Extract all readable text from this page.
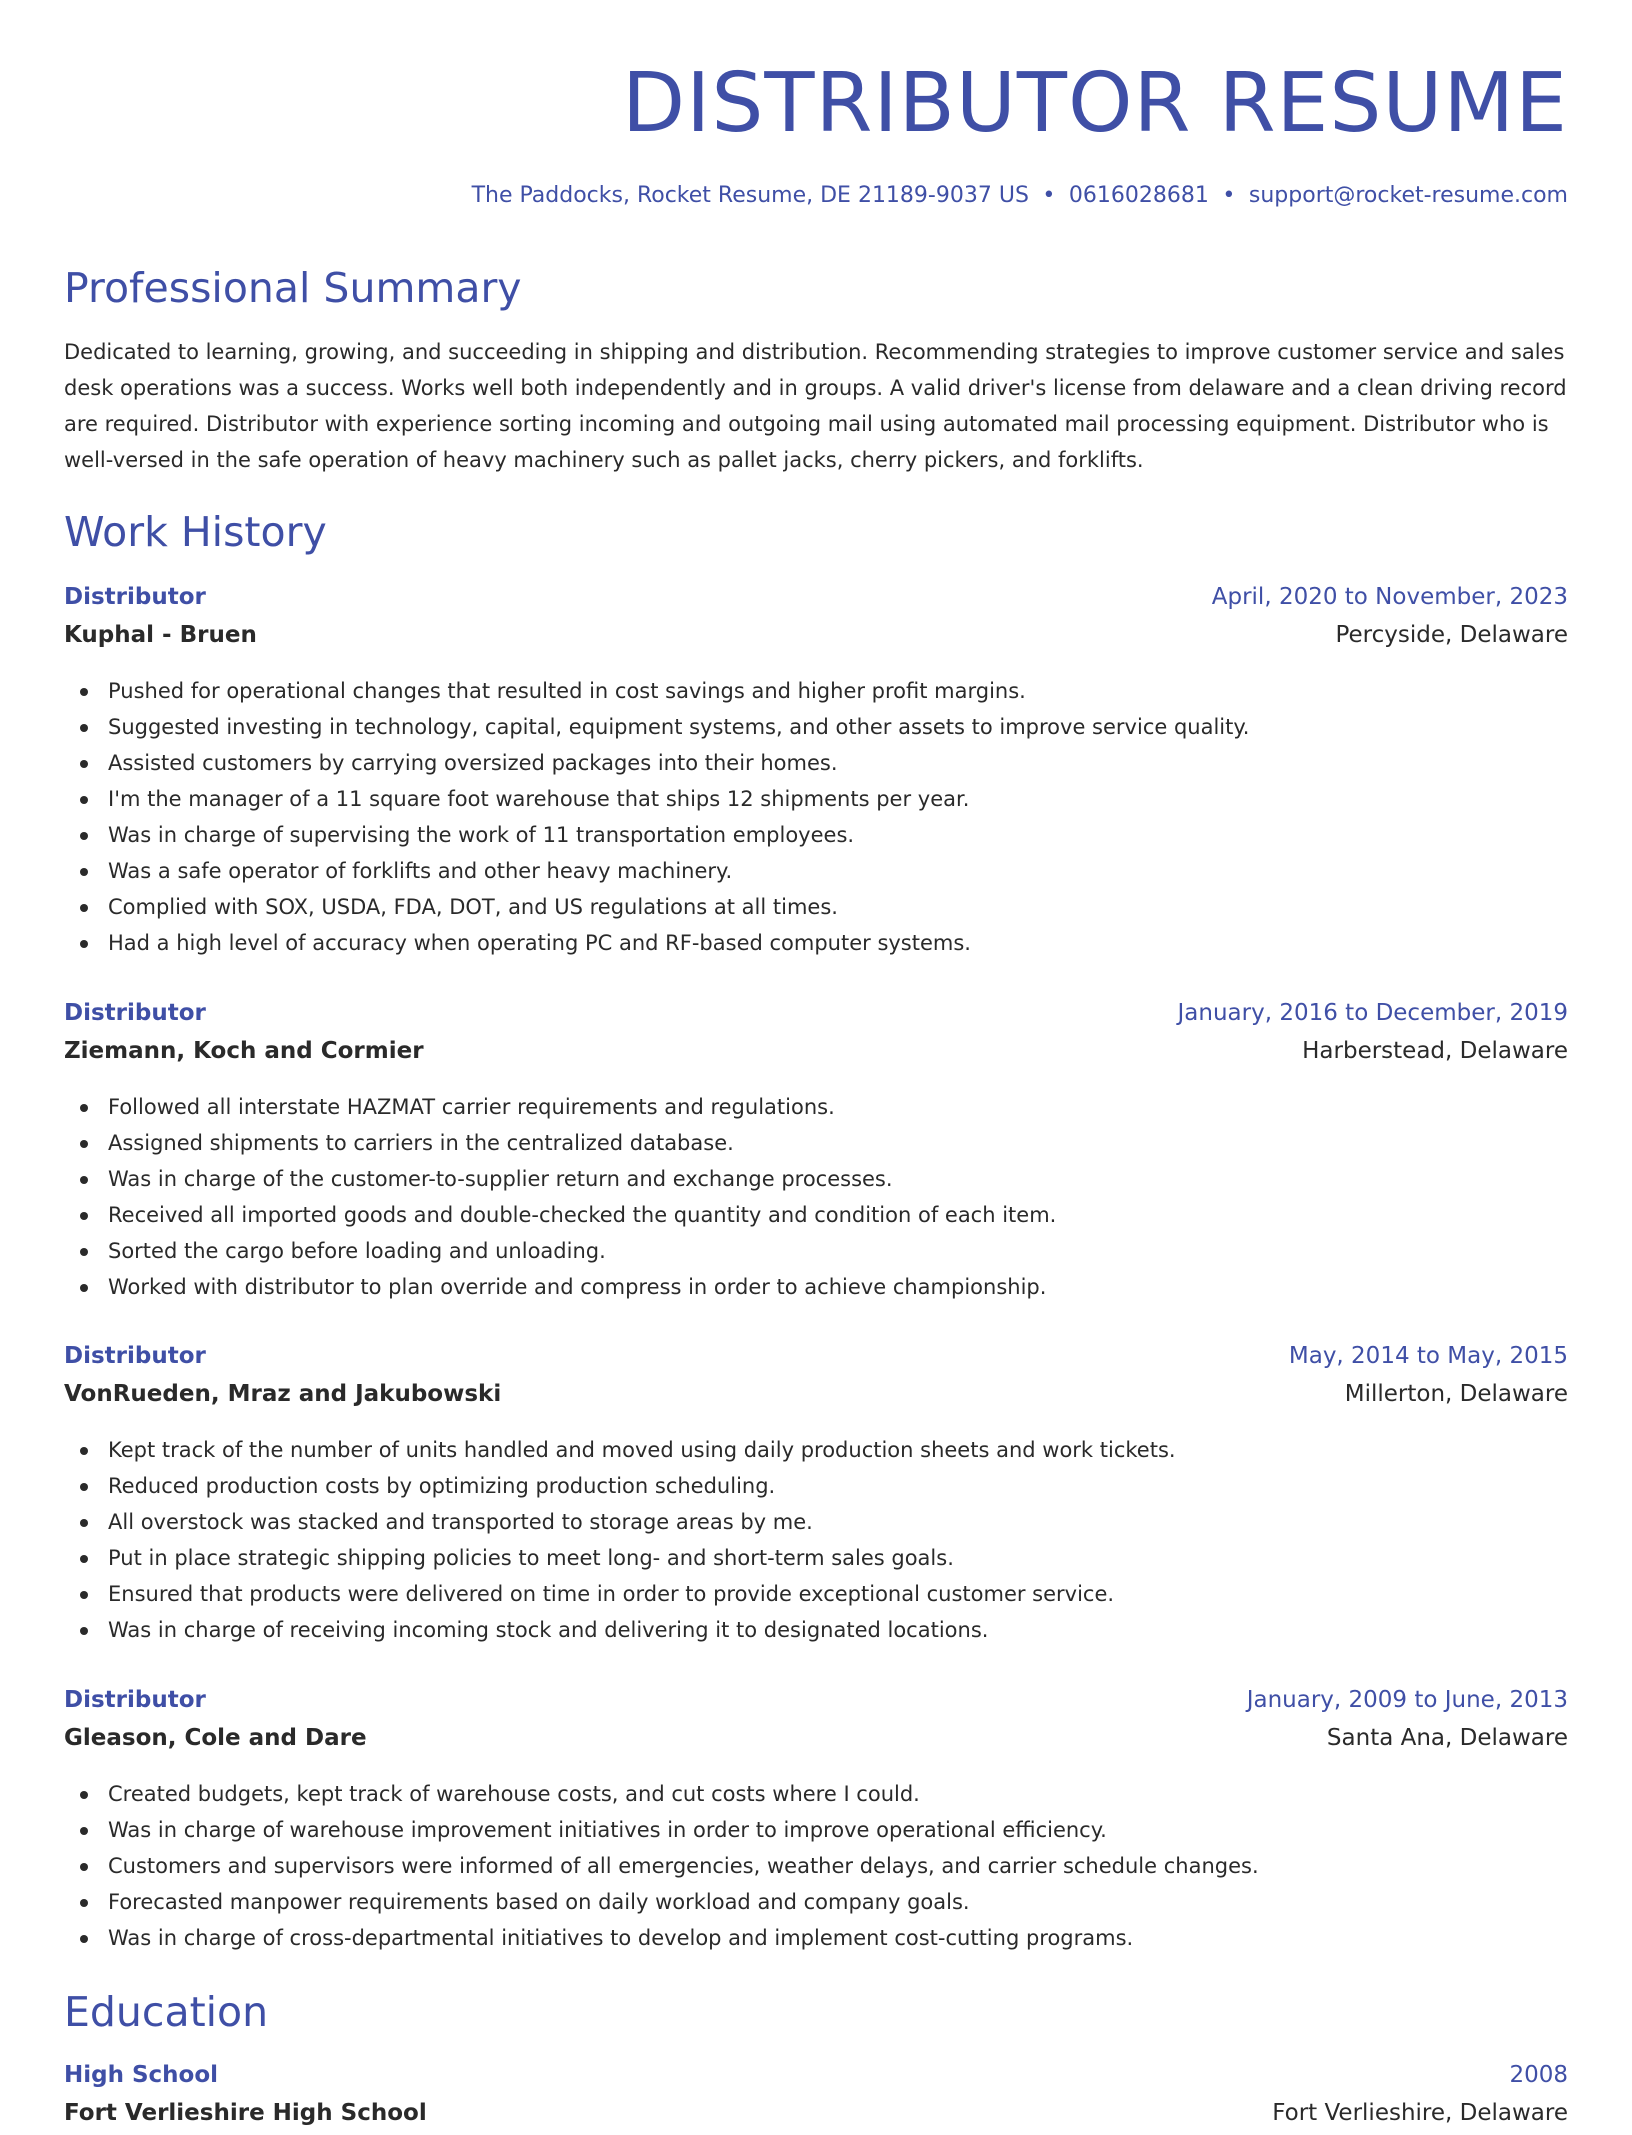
DISTRIBUTOR RESUME
The Paddocks, Rocket Resume, DE 21189-9037 US • 0616028681 • support@rocket-resume.com
Professional Summary

Dedicated to learning, growing, and succeeding in shipping and distribution. Recommending strategies to improve customer service and sales desk operations was a success. Works well both independently and in groups. A valid driver's license from delaware and a clean driving record are required. Distributor with experience sorting incoming and outgoing mail using automated mail processing equipment. Distributor who is well-versed in the safe operation of heavy machinery such as pallet jacks, cherry pickers, and forklifts.

Work History
Distributor	April, 2020 to November, 2023
Kuphal - Bruen	Percyside, Delaware
Pushed for operational changes that resulted in cost savings and higher profit margins.
Suggested investing in technology, capital, equipment systems, and other assets to improve service quality.
Assisted customers by carrying oversized packages into their homes.
I'm the manager of a 11 square foot warehouse that ships 12 shipments per year.
Was in charge of supervising the work of 11 transportation employees.
Was a safe operator of forklifts and other heavy machinery.
Complied with SOX, USDA, FDA, DOT, and US regulations at all times.
Had a high level of accuracy when operating PC and RF-based computer systems.
Distributor	January, 2016 to December, 2019
Ziemann, Koch and Cormier	Harberstead, Delaware
Followed all interstate HAZMAT carrier requirements and regulations.
Assigned shipments to carriers in the centralized database.
Was in charge of the customer-to-supplier return and exchange processes.
Received all imported goods and double-checked the quantity and condition of each item.
Sorted the cargo before loading and unloading.
Worked with distributor to plan override and compress in order to achieve championship.
Distributor	May, 2014 to May, 2015
VonRueden, Mraz and Jakubowski	Millerton, Delaware
Kept track of the number of units handled and moved using daily production sheets and work tickets.
Reduced production costs by optimizing production scheduling.
All overstock was stacked and transported to storage areas by me.
Put in place strategic shipping policies to meet long- and short-term sales goals.
Ensured that products were delivered on time in order to provide exceptional customer service.
Was in charge of receiving incoming stock and delivering it to designated locations.
Distributor	January, 2009 to June, 2013
Gleason, Cole and Dare	Santa Ana, Delaware
Created budgets, kept track of warehouse costs, and cut costs where I could.
Was in charge of warehouse improvement initiatives in order to improve operational efficiency.
Customers and supervisors were informed of all emergencies, weather delays, and carrier schedule changes.
Forecasted manpower requirements based on daily workload and company goals.
Was in charge of cross-departmental initiatives to develop and implement cost-cutting programs.
Education
High School	2008
Fort Verlieshire High School	Fort Verlieshire, Delaware
